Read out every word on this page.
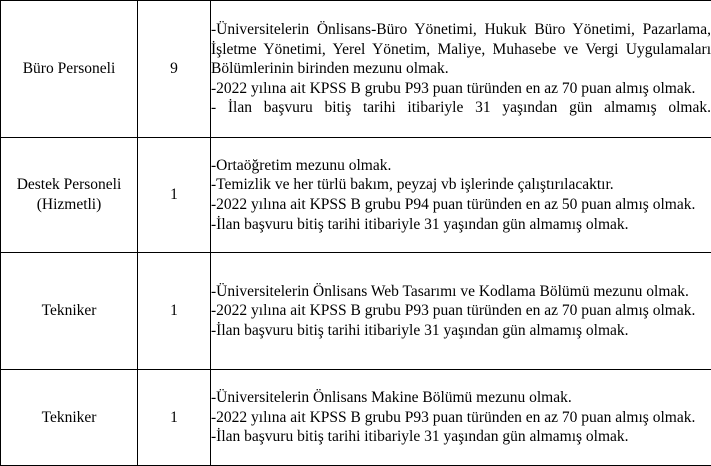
Büro Personeli	9	-Üniversitelerin Önlisans-Büro Yönetimi, Hukuk Büro Yönetimi, Pazarlama, İşletme Yönetimi, Yerel Yönetim, Maliye, Muhasebe ve Vergi Uygulamaları Bölümlerinin birinden mezunu olmak.
-2022 yılına ait KPSS B grubu P93 puan türünden en az 70 puan almış olmak.
- İlan başvuru bitiş tarihi itibariyle 31 yaşından gün almamış olmak.

Destek Personeli (Hizmetli)	1	-Ortaöğretim mezunu olmak.
-Temizlik ve her türlü bakım, peyzaj vb işlerinde çalıştırılacaktır.
-2022 yılına ait KPSS B grubu P94 puan türünden en az 50 puan almış olmak.
-İlan başvuru bitiş tarihi itibariyle 31 yaşından gün almamış olmak.

Tekniker	1	-Üniversitelerin Önlisans Web Tasarımı ve Kodlama Bölümü mezunu olmak.
-2022 yılına ait KPSS B grubu P93 puan türünden en az 70 puan almış olmak.
-İlan başvuru bitiş tarihi itibariyle 31 yaşından gün almamış olmak.

Tekniker	1	-Üniversitelerin Önlisans Makine Bölümü mezunu olmak.
-2022 yılına ait KPSS B grubu P93 puan türünden en az 70 puan almış olmak.
-İlan başvuru bitiş tarihi itibariyle 31 yaşından gün almamış olmak.
